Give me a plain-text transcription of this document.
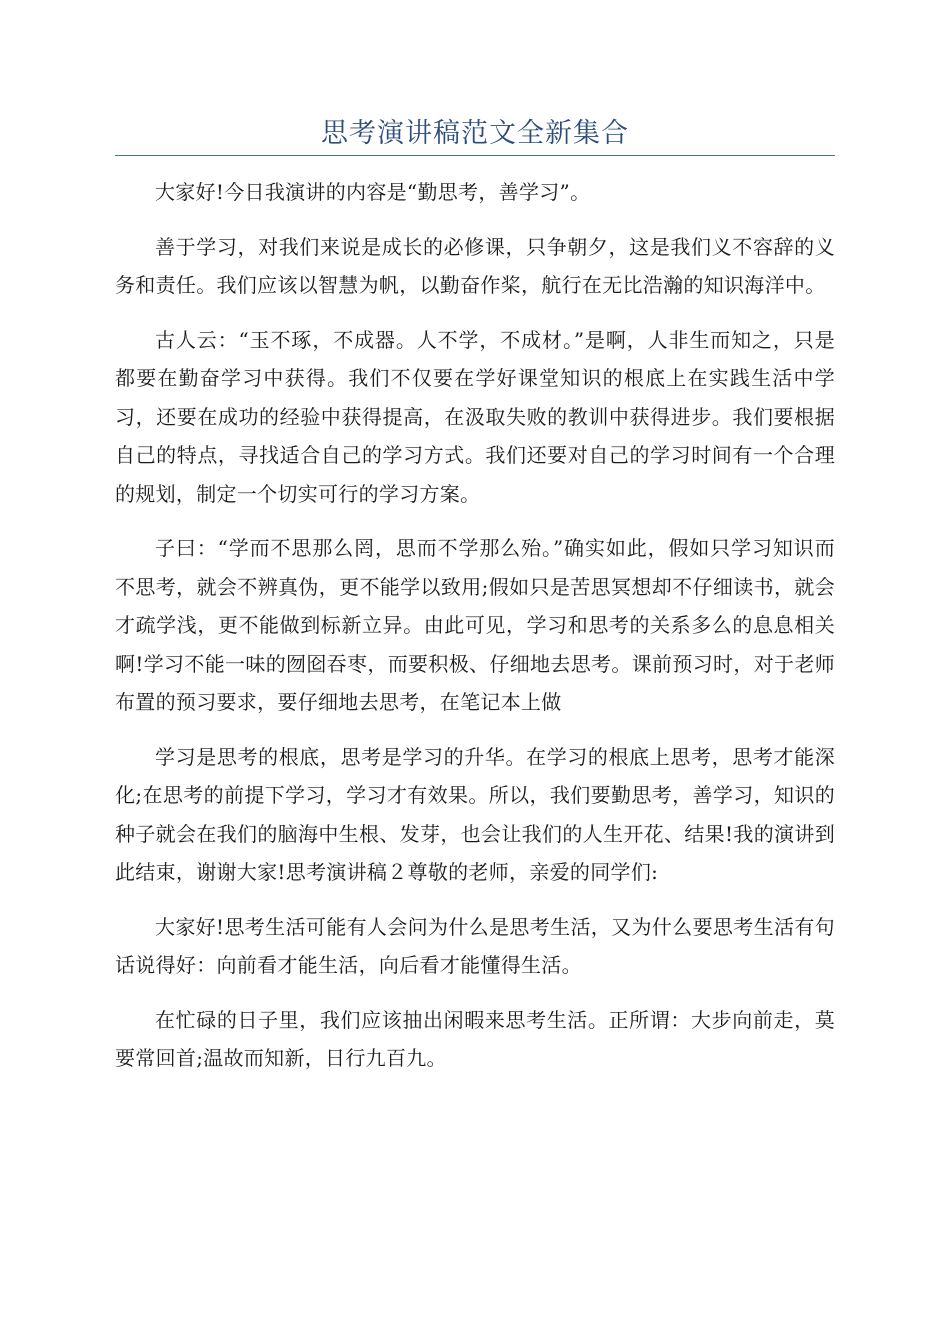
思考演讲稿范文全新集合

大家好!今日我演讲的内容是“勤思考，善学习”。

善于学习，对我们来说是成长的必修课，只争朝夕，这是我们义不容辞的义务和责任。我们应该以智慧为帆，以勤奋作桨，航行在无比浩瀚的知识海洋中。

古人云：“玉不琢，不成器。人不学，不成材。”是啊，人非生而知之，只是都要在勤奋学习中获得。我们不仅要在学好课堂知识的根底上在实践生活中学习，还要在成功的经验中获得提高，在汲取失败的教训中获得进步。我们要根据自己的特点，寻找适合自己的学习方式。我们还要对自己的学习时间有一个合理的规划，制定一个切实可行的学习方案。

子曰：“学而不思那么罔，思而不学那么殆。”确实如此，假如只学习知识而不思考，就会不辨真伪，更不能学以致用;假如只是苦思冥想却不仔细读书，就会才疏学浅，更不能做到标新立异。由此可见，学习和思考的关系多么的息息相关啊!学习不能一味的囫囵吞枣，而要积极、仔细地去思考。课前预习时，对于老师布置的预习要求，要仔细地去思考，在笔记本上做

学习是思考的根底，思考是学习的升华。在学习的根底上思考，思考才能深化;在思考的前提下学习，学习才有效果。所以，我们要勤思考，善学习，知识的种子就会在我们的脑海中生根、发芽，也会让我们的人生开花、结果!我的演讲到此结束，谢谢大家!思考演讲稿２尊敬的老师，亲爱的同学们:

大家好!思考生活可能有人会问为什么是思考生活，又为什么要思考生活有句话说得好：向前看才能生活，向后看才能懂得生活。

在忙碌的日子里，我们应该抽出闲暇来思考生活。正所谓：大步向前走，莫要常回首;温故而知新，日行九百九。
